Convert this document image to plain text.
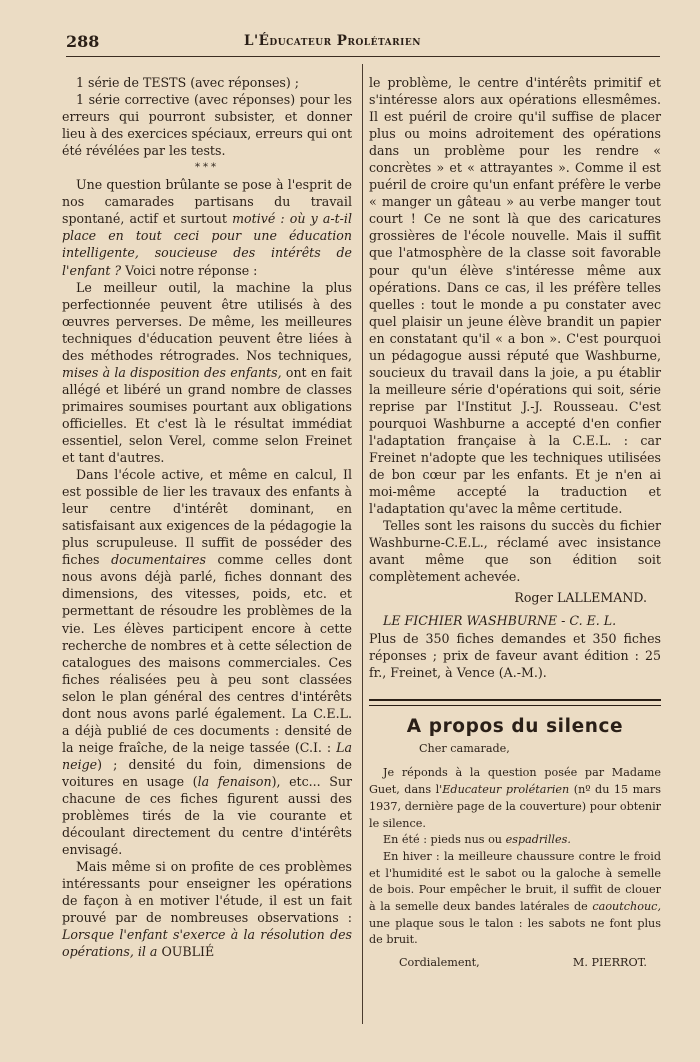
288	L'Éducateur Prolétarien

1 série de TESTS (avec réponses) ;

1 série corrective (avec réponses) pour les erreurs qui pourront subsister, et donner lieu à des exercices spéciaux, erreurs qui ont été révélées par les tests.

***

Une question brûlante se pose à l'esprit de nos camarades partisans du travail spontané, actif et surtout motivé : où y a-t-il place en tout ceci pour une éducation intelligente, soucieuse des intérêts de l'enfant ? Voici notre réponse :

Le meilleur outil, la machine la plus perfectionnée peuvent être utilisés à des œuvres perverses. De même, les meilleures techniques d'éducation peuvent être liées à des méthodes rétrogrades. Nos techniques, mises à la disposition des enfants, ont en fait allégé et libéré un grand nombre de classes primaires soumises pourtant aux obligations officielles. Et c'est là le résultat immédiat essentiel, selon Verel, comme selon Freinet et tant d'autres.

Dans l'école active, et même en calcul, Il est possible de lier les travaux des enfants à leur centre d'intérêt dominant, en satisfaisant aux exigences de la pédagogie la plus scrupuleuse. Il suffit de posséder des fiches documentaires comme celles dont nous avons déjà parlé, fiches donnant des dimensions, des vitesses, poids, etc. et permettant de résoudre les problèmes de la vie. Les élèves participent encore à cette recherche de nombres et à cette sélection de catalogues des maisons commerciales. Ces fiches réalisées peu à peu sont classées selon le plan général des centres d'intérêts dont nous avons parlé également. La C.E.L. a déjà publié de ces documents : densité de la neige fraîche, de la neige tassée (C.I. : La neige) ; densité du foin, dimensions de voitures en usage (la fenaison), etc... Sur chacune de ces fiches figurent aussi des problèmes tirés de la vie courante et découlant directement du centre d'intérêts envisagé.

Mais même si on profite de ces problèmes intéressants pour enseigner les opérations de façon à en motiver l'étude, il est un fait prouvé par de nombreuses observations : Lorsque l'enfant s'exerce à la résolution des opérations, il a OUBLIÉ

le problème, le centre d'intérêts primitif et s'intéresse alors aux opérations ellesmêmes. Il est puéril de croire qu'il suffise de placer plus ou moins adroitement des opérations dans un problème pour les rendre « concrètes » et « attrayantes ». Comme il est puéril de croire qu'un enfant préfère le verbe « manger un gâteau » au verbe manger tout court ! Ce ne sont là que des caricatures grossières de l'école nouvelle. Mais il suffit que l'atmosphère de la classe soit favorable pour qu'un élève s'intéresse même aux opérations. Dans ce cas, il les préfère telles quelles : tout le monde a pu constater avec quel plaisir un jeune élève brandit un papier en constatant qu'il « a bon ». C'est pourquoi un pédagogue aussi réputé que Washburne, soucieux du travail dans la joie, a pu établir la meilleure série d'opérations qui soit, série reprise par l'Institut J.-J. Rousseau. C'est pourquoi Washburne a accepté d'en confier l'adaptation française à la C.E.L. : car Freinet n'adopte que les techniques utilisées de bon cœur par les enfants. Et je n'en ai moi-même accepté la traduction et l'adaptation qu'avec la même certitude.

Telles sont les raisons du succès du fichier Washburne-C.E.L., réclamé avec insistance avant même que son édition soit complètement achevée.

Roger LALLEMAND.

LE FICHIER WASHBURNE - C. E. L.

Plus de 350 fiches demandes et 350 fiches réponses ; prix de faveur avant édition : 25 fr., Freinet, à Vence (A.-M.).

A propos du silence

Cher camarade,

Je réponds à la question posée par Madame Guet, dans l'Educateur prolétarien (nº du 15 mars 1937, dernière page de la couverture) pour obtenir le silence.

En été : pieds nus ou espadrilles.

En hiver : la meilleure chaussure contre le froid et l'humidité est le sabot ou la galoche à semelle de bois. Pour empêcher le bruit, il suffit de clouer à la semelle deux bandes latérales de caoutchouc, une plaque sous le talon : les sabots ne font plus de bruit.

Cordialement,	M. PIERROT.
